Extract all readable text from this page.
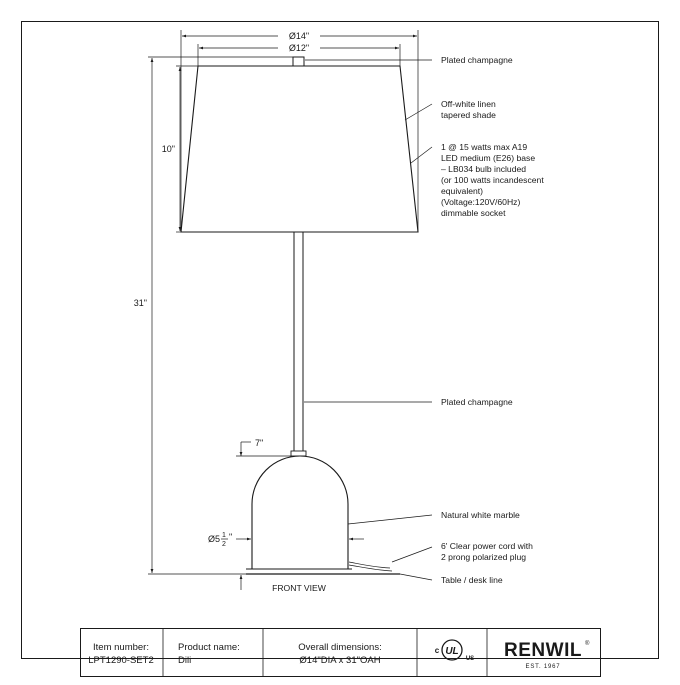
Ø14"
Ø12"
10"
31"
7"
Ø5 1
2
"
Plated champagne
Off-white linen
tapered shade
1 @ 15 watts max A19
LED medium (E26) base
– LB034 bulb included
(or 100 watts incandescent
equivalent)
(Voltage:120V/60Hz)
dimmable socket
Plated champagne
Natural white marble
6' Clear power cord with
2 prong polarized plug
Table / desk line
FRONT VIEW
Item number:
LPT1290-SET2
Product name:
Dili
Overall dimensions:
Ø14"DIA x 31"OAH
UL
c
US RENWIL ®
EST. 1967
